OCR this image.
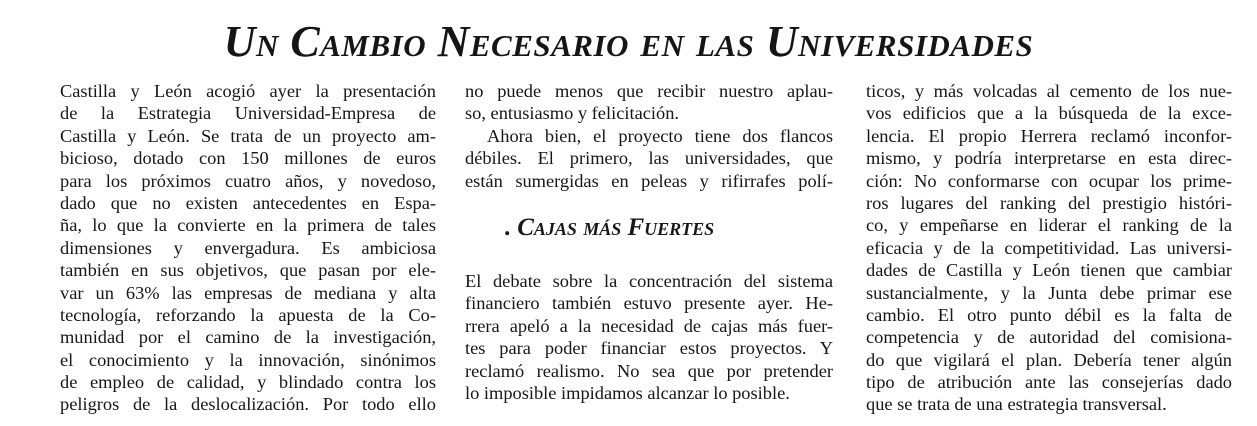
Un Cambio Necesario en las Universidades
Castilla y León acogió ayer la presentación
de la Estrategia Universidad-Empresa de
Castilla y León. Se trata de un proyecto am-
bicioso, dotado con 150 millones de euros
para los próximos cuatro años, y novedoso,
dado que no existen antecedentes en Espa-
ña, lo que la convierte en la primera de tales
dimensiones y envergadura. Es ambiciosa
también en sus objetivos, que pasan por ele-
var un 63% las empresas de mediana y alta
tecnología, reforzando la apuesta de la Co-
munidad por el camino de la investigación,
el conocimiento y la innovación, sinónimos
de empleo de calidad, y blindado contra los
peligros de la deslocalización. Por todo ello
no puede menos que recibir nuestro aplau-
so, entusiasmo y felicitación.
Ahora bien, el proyecto tiene dos flancos
débiles. El primero, las universidades, que
están sumergidas en peleas y rifirrafes polí-
. Cajas más Fuertes
El debate sobre la concentración del sistema
financiero también estuvo presente ayer. He-
rrera apeló a la necesidad de cajas más fuer-
tes para poder financiar estos proyectos. Y
reclamó realismo. No sea que por pretender
lo imposible impidamos alcanzar lo posible.
ticos, y más volcadas al cemento de los nue-
vos edificios que a la búsqueda de la exce-
lencia. El propio Herrera reclamó inconfor-
mismo, y podría interpretarse en esta direc-
ción: No conformarse con ocupar los prime-
ros lugares del ranking del prestigio históri-
co, y empeñarse en liderar el ranking de la
eficacia y de la competitividad. Las universi-
dades de Castilla y León tienen que cambiar
sustancialmente, y la Junta debe primar ese
cambio. El otro punto débil es la falta de
competencia y de autoridad del comisiona-
do que vigilará el plan. Debería tener algún
tipo de atribución ante las consejerías dado
que se trata de una estrategia transversal.
